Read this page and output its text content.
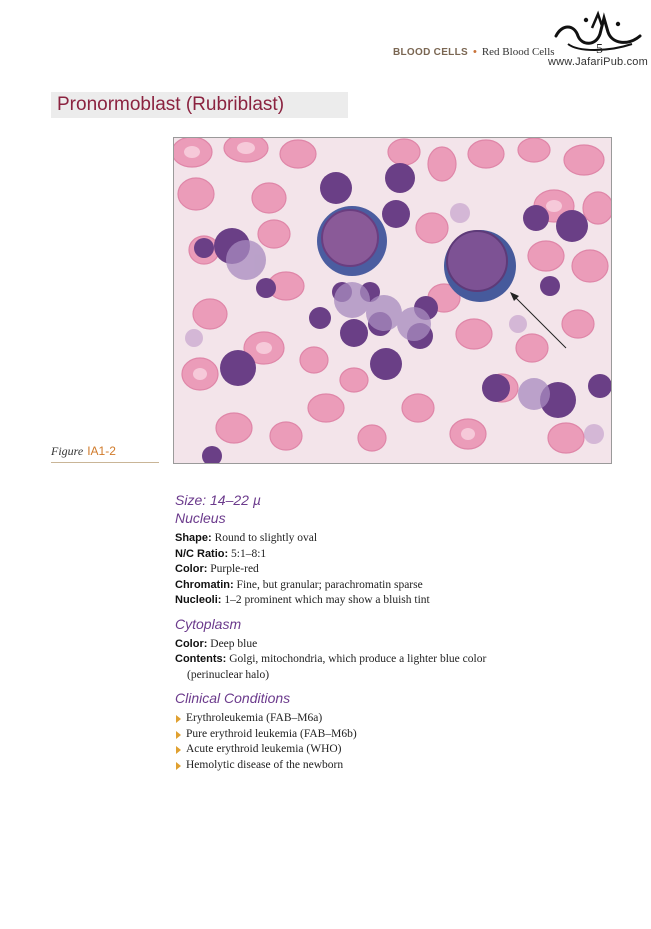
www.JafariPub.com
BLOOD CELLS • Red Blood Cells	5
Pronormoblast (Rubriblast)
Figure IA1-2
Size: 14–22 µ
Nucleus
Shape: Round to slightly oval
N/C Ratio: 5:1–8:1
Color: Purple-red
Chromatin: Fine, but granular; parachromatin sparse
Nucleoli: 1–2 prominent which may show a bluish tint
Cytoplasm
Color: Deep blue
Contents: Golgi, mitochondria, which produce a lighter blue color
(perinuclear halo)
Clinical Conditions
Erythroleukemia (FAB–M6a)
Pure erythroid leukemia (FAB–M6b)
Acute erythroid leukemia (WHO)
Hemolytic disease of the newborn
